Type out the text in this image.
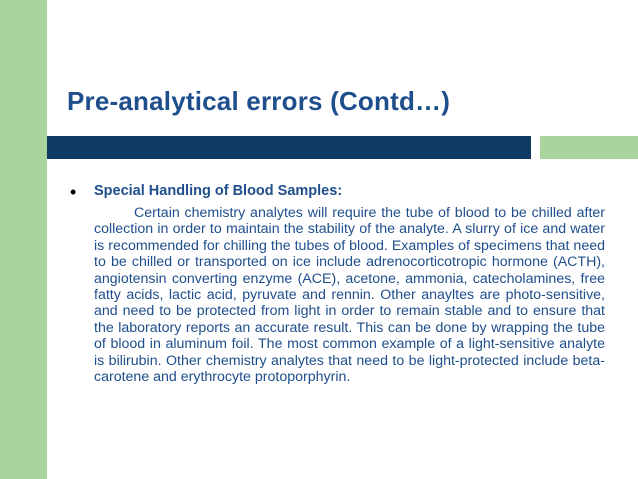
Pre-analytical errors (Contd…)
• Special Handling of Blood Samples:

Certain chemistry analytes will require the tube of blood to be chilled after collection in order to maintain the stability of the analyte. A slurry of ice and water is recommended for chilling the tubes of blood. Examples of specimens that need to be chilled or transported on ice include adrenocorticotropic hormone (ACTH), angiotensin converting enzyme (ACE), acetone, ammonia, catecholamines, free fatty acids, lactic acid, pyruvate and rennin. Other anayltes are photo-sensitive, and need to be protected from light in order to remain stable and to ensure that the laboratory reports an accurate result. This can be done by wrapping the tube of blood in aluminum foil. The most common example of a light-sensitive analyte is bilirubin. Other chemistry analytes that need to be light-protected include beta-carotene and erythrocyte protoporphyrin.
